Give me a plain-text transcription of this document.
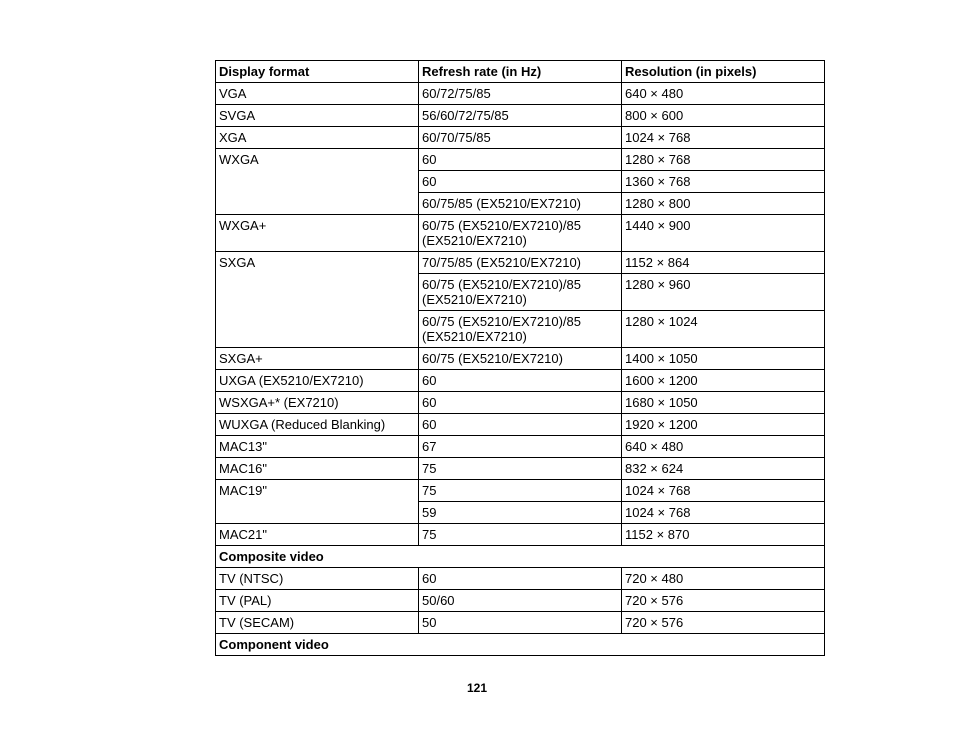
Display format	Refresh rate (in Hz)	Resolution (in pixels)
VGA	60/72/75/85	640 × 480
SVGA	56/60/72/75/85	800 × 600
XGA	60/70/75/85	1024 × 768
WXGA	60	1280 × 768
	60	1360 × 768
	60/75/85 (EX5210/EX7210)	1280 × 800
WXGA+	60/75 (EX5210/EX7210)/85 (EX5210/EX7210)	1440 × 900
SXGA	70/75/85 (EX5210/EX7210)	1152 × 864
	60/75 (EX5210/EX7210)/85 (EX5210/EX7210)	1280 × 960
	60/75 (EX5210/EX7210)/85 (EX5210/EX7210)	1280 × 1024
SXGA+	60/75 (EX5210/EX7210)	1400 × 1050
UXGA (EX5210/EX7210)	60	1600 × 1200
WSXGA+* (EX7210)	60	1680 × 1050
WUXGA (Reduced Blanking)	60	1920 × 1200
MAC13"	67	640 × 480
MAC16"	75	832 × 624
MAC19"	75	1024 × 768
	59	1024 × 768
MAC21"	75	1152 × 870
Composite video		
TV (NTSC)	60	720 × 480
TV (PAL)	50/60	720 × 576
TV (SECAM)	50	720 × 576
Component video		
121
